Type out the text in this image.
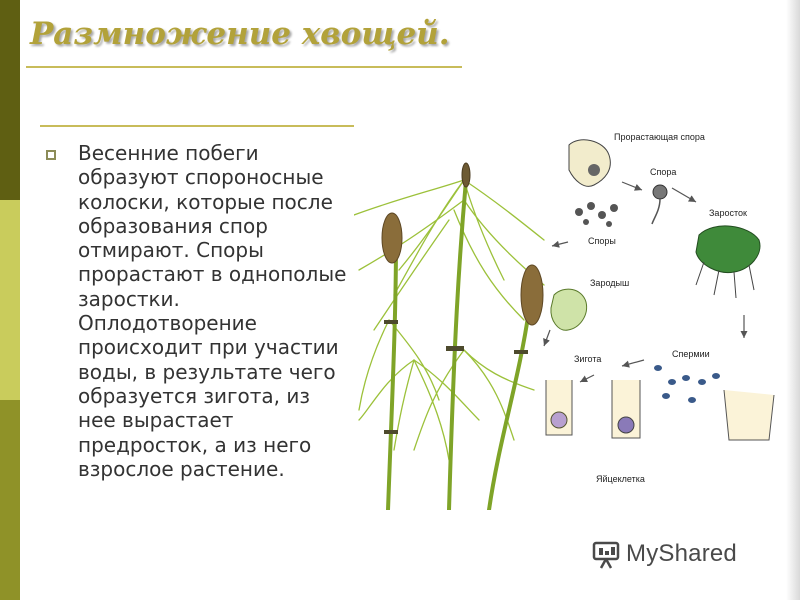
Размножение хвощей.

Весенние побеги образуют спороносные колоски, которые после образования спор отмирают. Споры прорастают в однополые заростки. Оплодотворение происходит при участии воды, в результате чего образуется зигота, из нее вырастает предросток, а из него взрослое растение.

Прорастающая спора
Спора
Заросток
Споры
Зародыш
Спермии
Зигота
Яйцеклетка
MyShared
